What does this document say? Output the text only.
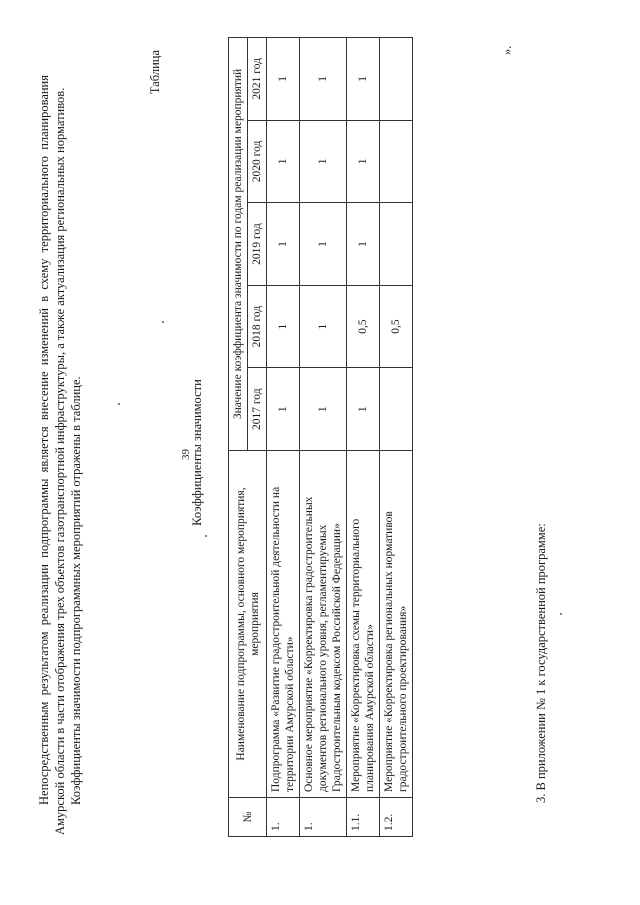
39

Непосредственным результатом реализации подпрограммы является внесение изменений в схему территориального планирования Амурской области в части отображения трех объектов газотранспортной инфраструктуры, а также актуализация региональных нормативов. Коэффициенты значимости подпрограммных мероприятий отражены в таблице.

Таблица
Коэффициенты значимости
№	Наименование подпрограммы, основного мероприятия, мероприятия	Значение коэффициента значимости по годам реализации мероприятий				
		2017 год	2018 год	2019 год	2020 год	2021 год
1.	Подпрограмма «Развитие градостроительной деятельности на территории Амурской области»	1	1	1	1	1
1.	Основное мероприятие «Корректировка градостроительных документов регионального уровня, регламентируемых Градостроительным кодексом Российской Федерации»	1	1	1	1	1
1.1.	Мероприятие «Корректировка схемы территориального планирования Амурской области»	1	0,5	1	1	1
1.2.	Мероприятие «Корректировка региональных нормативов градостроительного проектирования»		0,5			
».
3. В приложении № 1 к государственной программе:
